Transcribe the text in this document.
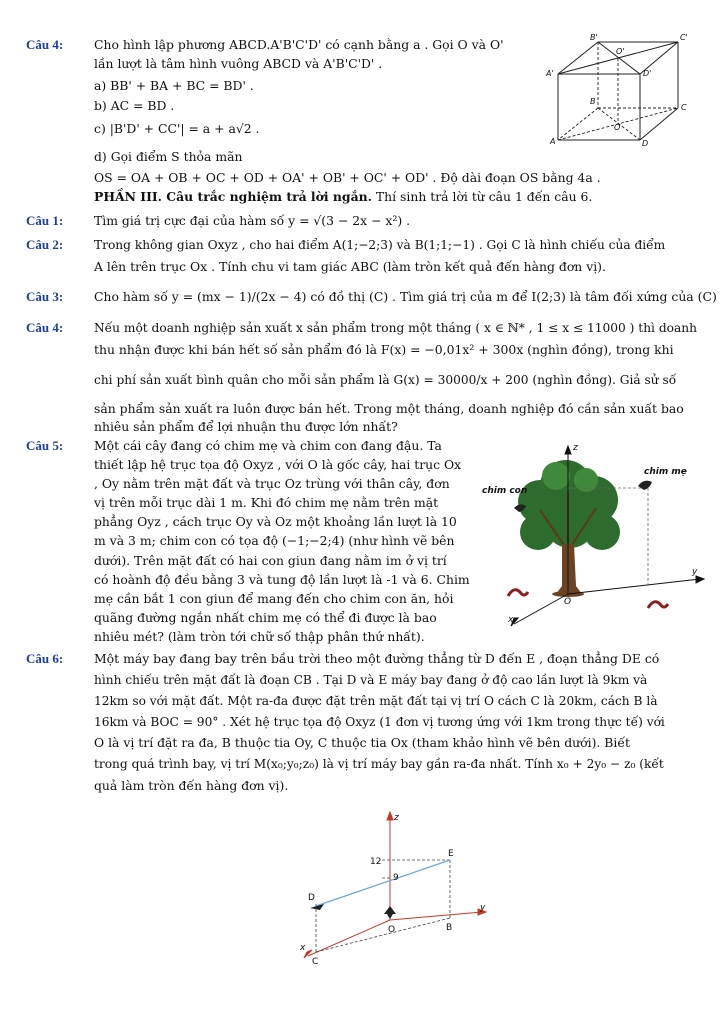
Câu 4: Cho hình lập phương ABCD.A'B'C'D' có cạnh bằng a . Gọi O và O'
lần lượt là tâm hình vuông ABCD và A'B'C'D' .
a) BB' + BA + BC = BD' .
b) AC = BD .
c) |B'D' + CC'| = a + a√2 .
d) Gọi điểm S thỏa mãn
OS = OA + OB + OC + OD + OA' + OB' + OC' + OD' . Độ dài đoạn OS bằng 4a .
B'	C'
O'
A'	D'
B
C
O
A	D
PHẦN III. Câu trắc nghiệm trả lời ngắn. Thí sinh trả lời từ câu 1 đến câu 6.
Câu 1: Tìm giá trị cực đại của hàm số y = √(3 − 2x − x²) .
Câu 2:	Trong không gian Oxyz , cho hai điểm A(1;−2;3) và B(1;1;−1) . Gọi C là hình chiếu của điểm
A lên trên trục Ox . Tính chu vi tam giác ABC (làm tròn kết quả đến hàng đơn vị).
Câu 3: Cho hàm số y = (mx − 1)/(2x − 4) có đồ thị (C) . Tìm giá trị của m để I(2;3) là tâm đối xứng của (C)
Câu 4:	Nếu một doanh nghiệp sản xuất x sản phẩm trong một tháng ( x ∈ ℕ* , 1 ≤ x ≤ 11000 ) thì doanh
thu nhận được khi bán hết số sản phẩm đó là F(x) = −0,01x² + 300x (nghìn đồng), trong khi
chi phí sản xuất bình quân cho mỗi sản phẩm là G(x) = 30000/x + 200 (nghìn đồng). Giả sử số
sản phẩm sản xuất ra luôn được bán hết. Trong một tháng, doanh nghiệp đó cần sản xuất bao
nhiêu sản phẩm để lợi nhuận thu được lớn nhất?
Câu 5: Một cái cây đang có chim mẹ và chim con đang đậu. Ta
thiết lập hệ trục tọa độ Oxyz , với O là gốc cây, hai trục Ox
, Oy nằm trên mặt đất và trục Oz trùng với thân cây, đơn
vị trên mỗi trục dài 1 m. Khi đó chim mẹ nằm trên mặt
phẳng Oyz , cách trục Oy và Oz một khoảng lần lượt là 10
m và 3 m; chim con có tọa độ (−1;−2;4) (như hình vẽ bên
dưới). Trên mặt đất có hai con giun đang nằm im ở vị trí
có hoành độ đều bằng 3 và tung độ lần lượt là -1 và 6. Chim
mẹ cần bắt 1 con giun để mang đến cho chim con ăn, hỏi
quãng đường ngắn nhất chim mẹ có thể đi được là bao
nhiêu mét? (làm tròn tới chữ số thập phân thứ nhất).
z
y
x
O
chim mẹ
chim con
Câu 6: Một máy bay đang bay trên bầu trời theo một đường thẳng từ D đến E , đoạn thẳng DE có
hình chiếu trên mặt đất là đoạn CB . Tại D và E máy bay đang ở độ cao lần lượt là 9km và
12km so với mặt đất. Một ra-đa được đặt trên mặt đất tại vị trí O cách C là 20km, cách B là
16km và BOC = 90° . Xét hệ trục tọa độ Oxyz (1 đơn vị tương ứng với 1km trong thực tế) với
O là vị trí đặt ra đa, B thuộc tia Oy, C thuộc tia Ox (tham khảo hình vẽ bên dưới). Biết
trong quá trình bay, vị trí M(x₀;y₀;z₀) là vị trí máy bay gần ra-đa nhất. Tính x₀ + 2y₀ − z₀ (kết
quả làm tròn đến hàng đơn vị).
z
y
x
O	B
C
D
E
12
9
